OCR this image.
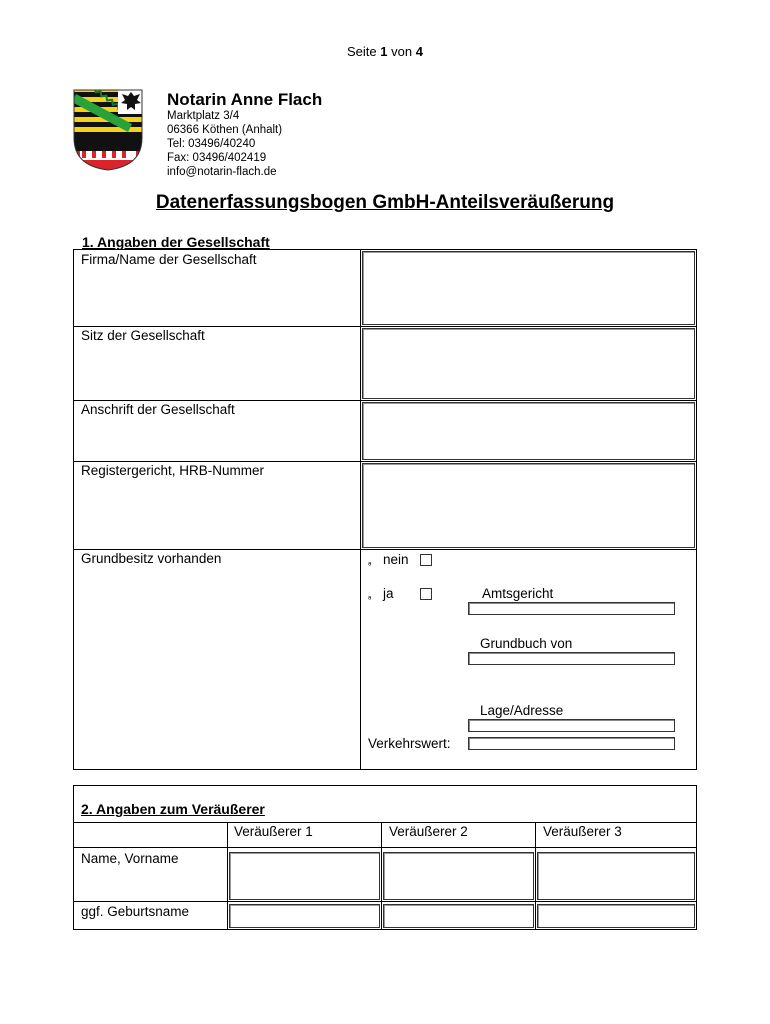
Seite 1 von 4
Notarin Anne Flach
Marktplatz 3/4
06366 Köthen (Anhalt)
Tel: 03496/40240
Fax: 03496/402419
info@notarin-flach.de
Datenerfassungsbogen GmbH-Anteilsveräußerung
1. Angaben der Gesellschaft
Firma/Name der Gesellschaft
Sitz der Gesellschaft
Anschrift der Gesellschaft
Registergericht, HRB-Nummer
Grundbesitz vorhanden	ₔ nein
ₔ ja	Amtsgericht
Grundbuch von
Lage/Adresse
Verkehrswert:
2. Angaben zum Veräußerer
Veräußerer 1	Veräußerer 2	Veräußerer 3
Name, Vorname
ggf. Geburtsname
